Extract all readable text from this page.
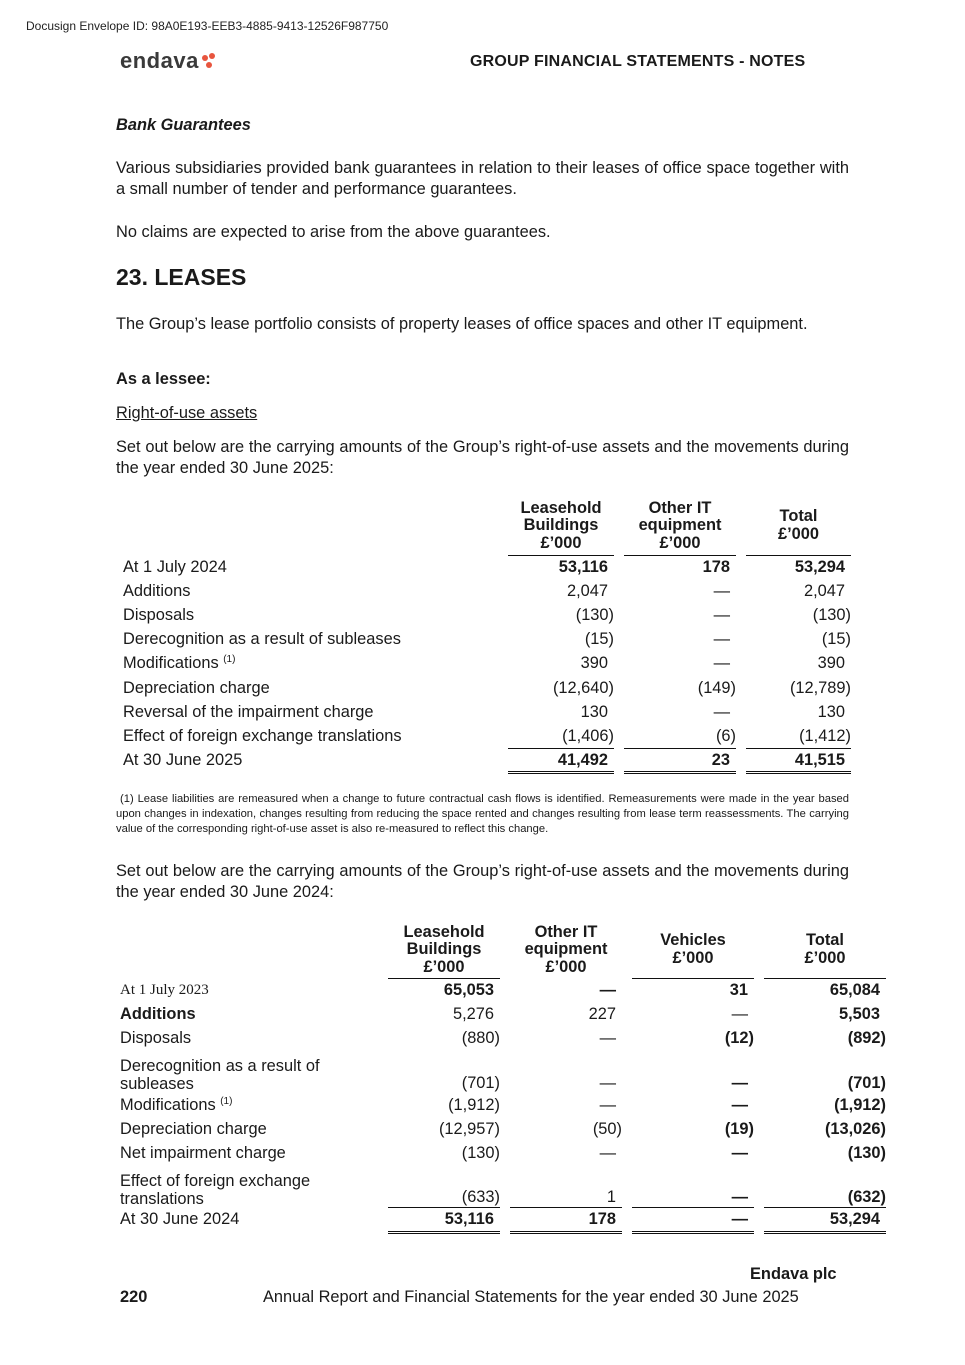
Docusign Envelope ID: 98A0E193-EEB3-4885-9413-12526F987750
endava	GROUP FINANCIAL STATEMENTS - NOTES
Bank Guarantees
Various subsidiaries provided bank guarantees in relation to their leases of office space together with a small number of tender and performance guarantees.
No claims are expected to arise from the above guarantees.
23. LEASES
The Group’s lease portfolio consists of property leases of office spaces and other IT equipment.
As a lessee:
Right-of-use assets
Set out below are the carrying amounts of the Group’s right-of-use assets and the movements during the year ended 30 June 2025:
	Leasehold
Buildings
£’000		Other IT
equipment
£’000		Total
£’000
At 1 July 2024	53,116		178		53,294
Additions	2,047		—		2,047
Disposals	(130)		—		(130)
Derecognition as a result of subleases	(15)		—		(15)
Modifications $^{(1)}$	390		—		390
Depreciation charge	(12,640)		(149)		(12,789)
Reversal of the impairment charge	130		—		130
Effect of foreign exchange translations	(1,406)		(6)		(1,412)
At 30 June 2025	41,492		23		41,515
(1) Lease liabilities are remeasured when a change to future contractual cash flows is identified. Remeasurements were made in the year based upon changes in indexation, changes resulting from reducing the space rented and changes resulting from lease term reassessments. The carrying value of the corresponding right-of-use asset is also re-measured to reflect this change.
Set out below are the carrying amounts of the Group’s right-of-use assets and the movements during the year ended 30 June 2024:
	Leasehold
Buildings
£’000		Other IT
equipment
£’000		Vehicles
£’000		Total
£’000
At 1 July 2023	65,053		—		31		65,084
Additions	5,276		227		—		5,503
Disposals	(880)		—		(12)		(892)
Derecognition as a result of subleases	(701)		—		—		(701)
Modifications $^{(1)}$	(1,912)		—		—		(1,912)
Depreciation charge	(12,957)		(50)		(19)		(13,026)
Net impairment charge	(130)		—		—		(130)
Effect of foreign exchange translations	(633)		1		—		(632)
At 30 June 2024	53,116		178		—		53,294
Endava plc
220	Annual Report and Financial Statements for the year ended 30 June 2025
